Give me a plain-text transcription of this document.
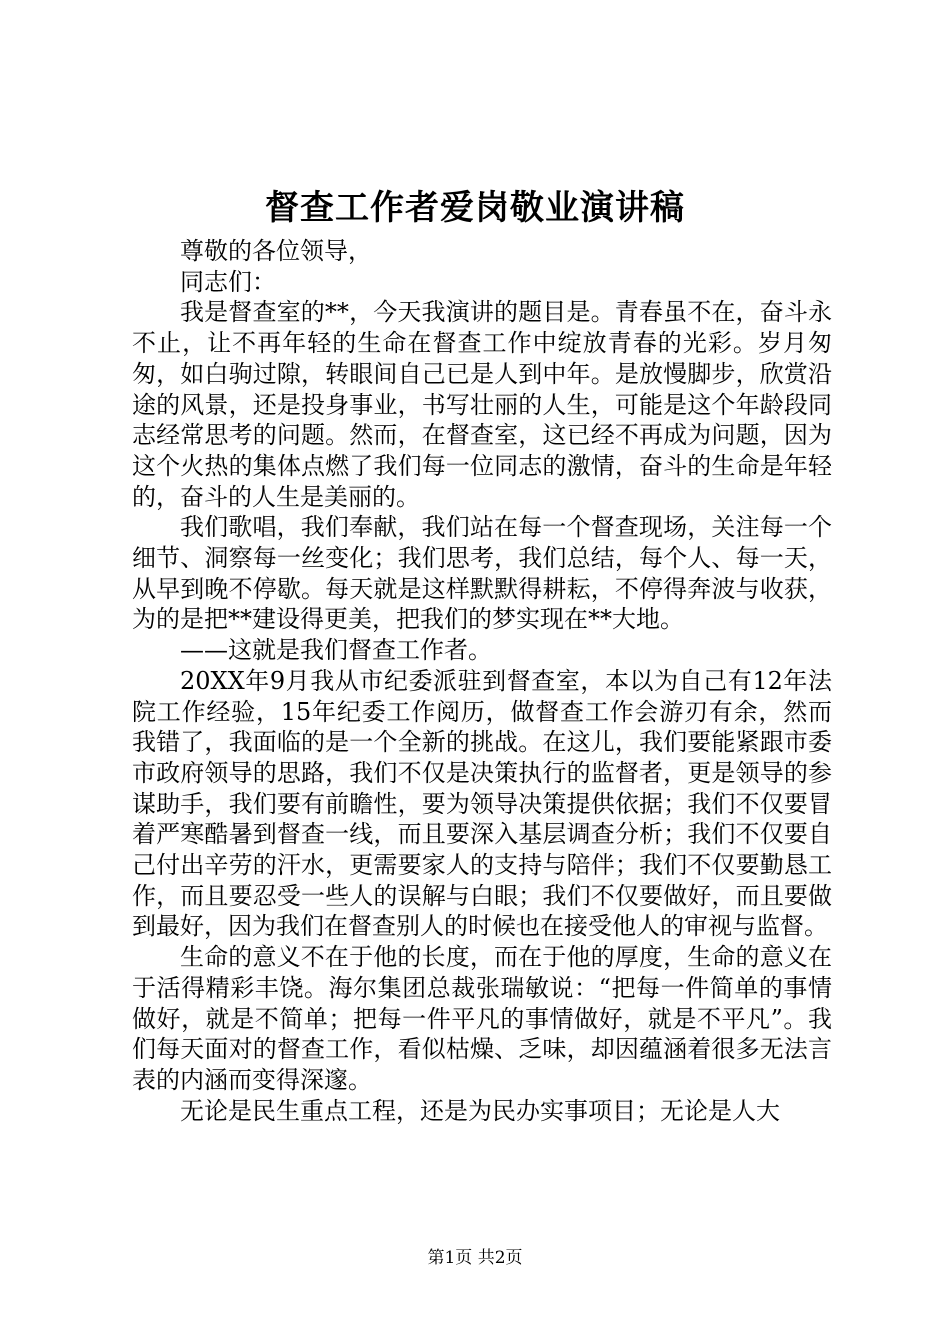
督查工作者爱岗敬业演讲稿

尊敬的各位领导，

同志们：

我是督查室的**，今天我演讲的题目是。青春虽不在，奋斗永不止，让不再年轻的生命在督查工作中绽放青春的光彩。岁月匆匆，如白驹过隙，转眼间自己已是人到中年。是放慢脚步，欣赏沿途的风景，还是投身事业，书写壮丽的人生，可能是这个年龄段同志经常思考的问题。然而，在督查室，这已经不再成为问题，因为这个火热的集体点燃了我们每一位同志的激情，奋斗的生命是年轻的，奋斗的人生是美丽的。

我们歌唱，我们奉献，我们站在每一个督查现场，关注每一个细节、洞察每一丝变化；我们思考，我们总结，每个人、每一天，从早到晚不停歇。每天就是这样默默得耕耘，不停得奔波与收获，为的是把**建设得更美，把我们的梦实现在**大地。

——这就是我们督查工作者。

20XX年9月我从市纪委派驻到督查室，本以为自己有12年法院工作经验，15年纪委工作阅历，做督查工作会游刃有余，然而我错了，我面临的是一个全新的挑战。在这儿，我们要能紧跟市委市政府领导的思路，我们不仅是决策执行的监督者，更是领导的参谋助手，我们要有前瞻性，要为领导决策提供依据；我们不仅要冒着严寒酷暑到督查一线，而且要深入基层调查分析；我们不仅要自己付出辛劳的汗水，更需要家人的支持与陪伴；我们不仅要勤恳工作，而且要忍受一些人的误解与白眼；我们不仅要做好，而且要做到最好，因为我们在督查别人的时候也在接受他人的审视与监督。

生命的意义不在于他的长度，而在于他的厚度，生命的意义在于活得精彩丰饶。海尔集团总裁张瑞敏说：“把每一件简单的事情做好，就是不简单；把每一件平凡的事情做好，就是不平凡”。我们每天面对的督查工作，看似枯燥、乏味，却因蕴涵着很多无法言表的内涵而变得深邃。

无论是民生重点工程，还是为民办实事项目；无论是人大

第1页 共2页
